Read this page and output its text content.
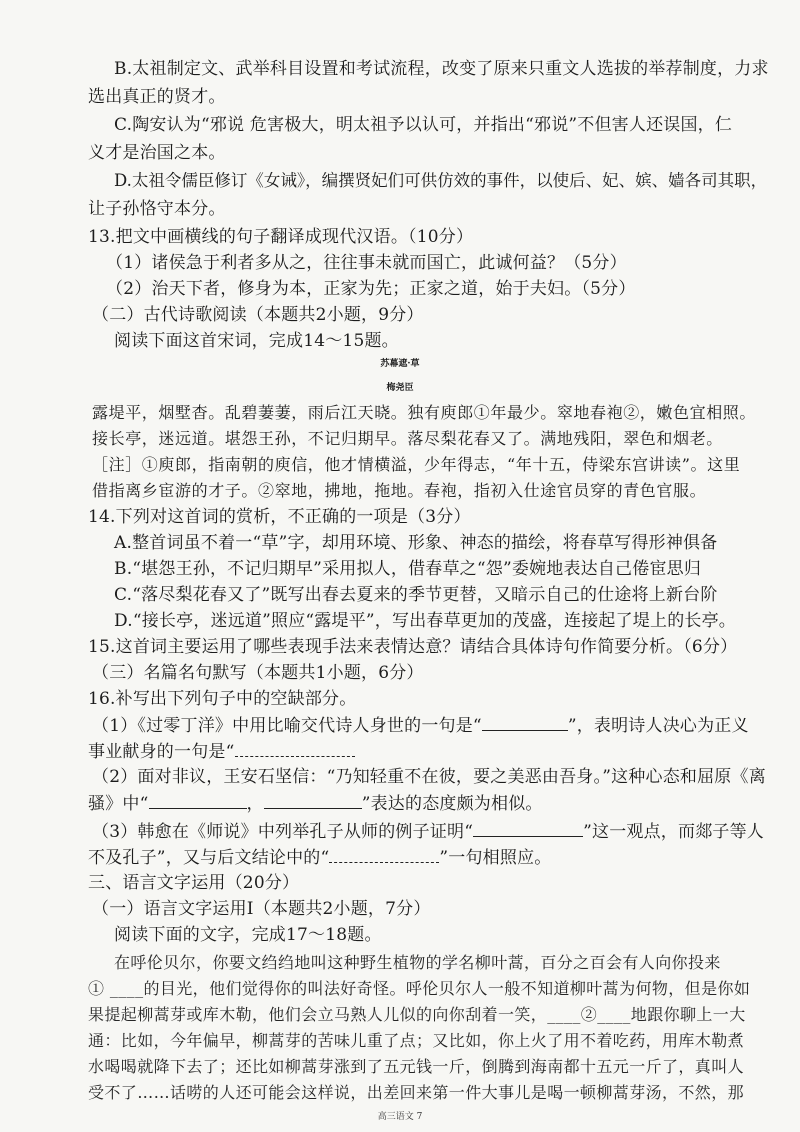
B.太祖制定文、武举科目设置和考试流程，改变了原来只重文人选拔的举荐制度，力求
选出真正的贤才。
C.陶安认为“邪说 危害极大，明太祖予以认可，并指出“邪说”不但害人还误国，仁
义才是治国之本。
D.太祖令儒臣修订《女诫》，编撰贤妃们可供仿效的事件，以使后、妃、嫔、嫱各司其职，
让子孙恪守本分。
13.把文中画横线的句子翻译成现代汉语。（10分）
（1）诸侯急于利者多从之，往往事未就而国亡，此诚何益？（5分）
（2）治天下者，修身为本，正家为先；正家之道，始于夫妇。（5分）
（二）古代诗歌阅读（本题共2小题，9分）
阅读下面这首宋词，完成14～15题。
苏幕遮·草
梅尧臣
露堤平，烟墅杳。乱碧萋萋，雨后江天晓。独有庾郎①年最少。窣地春袍②，嫩色宜相照。
接长亭，迷远道。堪怨王孙，不记归期早。落尽梨花春又了。满地残阳，翠色和烟老。
［注］①庾郎，指南朝的庾信，他才情横溢，少年得志，“年十五，侍梁东宫讲读”。这里
借指离乡宦游的才子。②窣地，拂地，拖地。春袍，指初入仕途官员穿的青色官服。
14.下列对这首词的赏析，不正确的一项是（3分）
A.整首词虽不着一“草”字，却用环境、形象、神态的描绘，将春草写得形神俱备
B.“堪怨王孙，不记归期早”采用拟人，借春草之“怨”委婉地表达自己倦宦思归
C.“落尽梨花春又了”既写出春去夏来的季节更替，又暗示自己的仕途将上新台阶
D.“接长亭，迷远道”照应“露堤平”，写出春草更加的茂盛，连接起了堤上的长亭。
15.这首词主要运用了哪些表现手法来表情达意？请结合具体诗句作简要分析。（6分）
（三）名篇名句默写（本题共1小题，6分）
16.补写出下列句子中的空缺部分。
（1）《过零丁洋》中用比喻交代诗人身世的一句是“	”，表明诗人决心为正义
事业献身的一句是“
（2）面对非议，王安石坚信：“乃知轻重不在彼，要之美恶由吾身。”这种心态和屈原《离
骚》中“	，	”表达的态度颇为相似。
（3）韩愈在《师说》中列举孔子从师的例子证明“	”这一观点，而郯子等人
不及孔子”，又与后文结论中的“	”一句相照应。
三、语言文字运用（20分）
（一）语言文字运用Ⅰ（本题共2小题，7分）
阅读下面的文字，完成17～18题。
在呼伦贝尔，你要文绉绉地叫这种野生植物的学名柳叶蒿，百分之百会有人向你投来
① ____的目光，他们觉得你的叫法好奇怪。呼伦贝尔人一般不知道柳叶蒿为何物，但是你如
果提起柳蒿芽或库木勒，他们会立马熟人儿似的向你刮着一笑，____②____地跟你聊上一大
通：比如，今年偏早，柳蒿芽的苦味儿重了点；又比如，你上火了用不着吃药，用库木勒煮
水喝喝就降下去了；还比如柳蒿芽涨到了五元钱一斤，倒腾到海南都十五元一斤了，真叫人
受不了……话唠的人还可能会这样说，出差回来第一件大事儿是喝一顿柳蒿芽汤，不然，那
高三语文 7
